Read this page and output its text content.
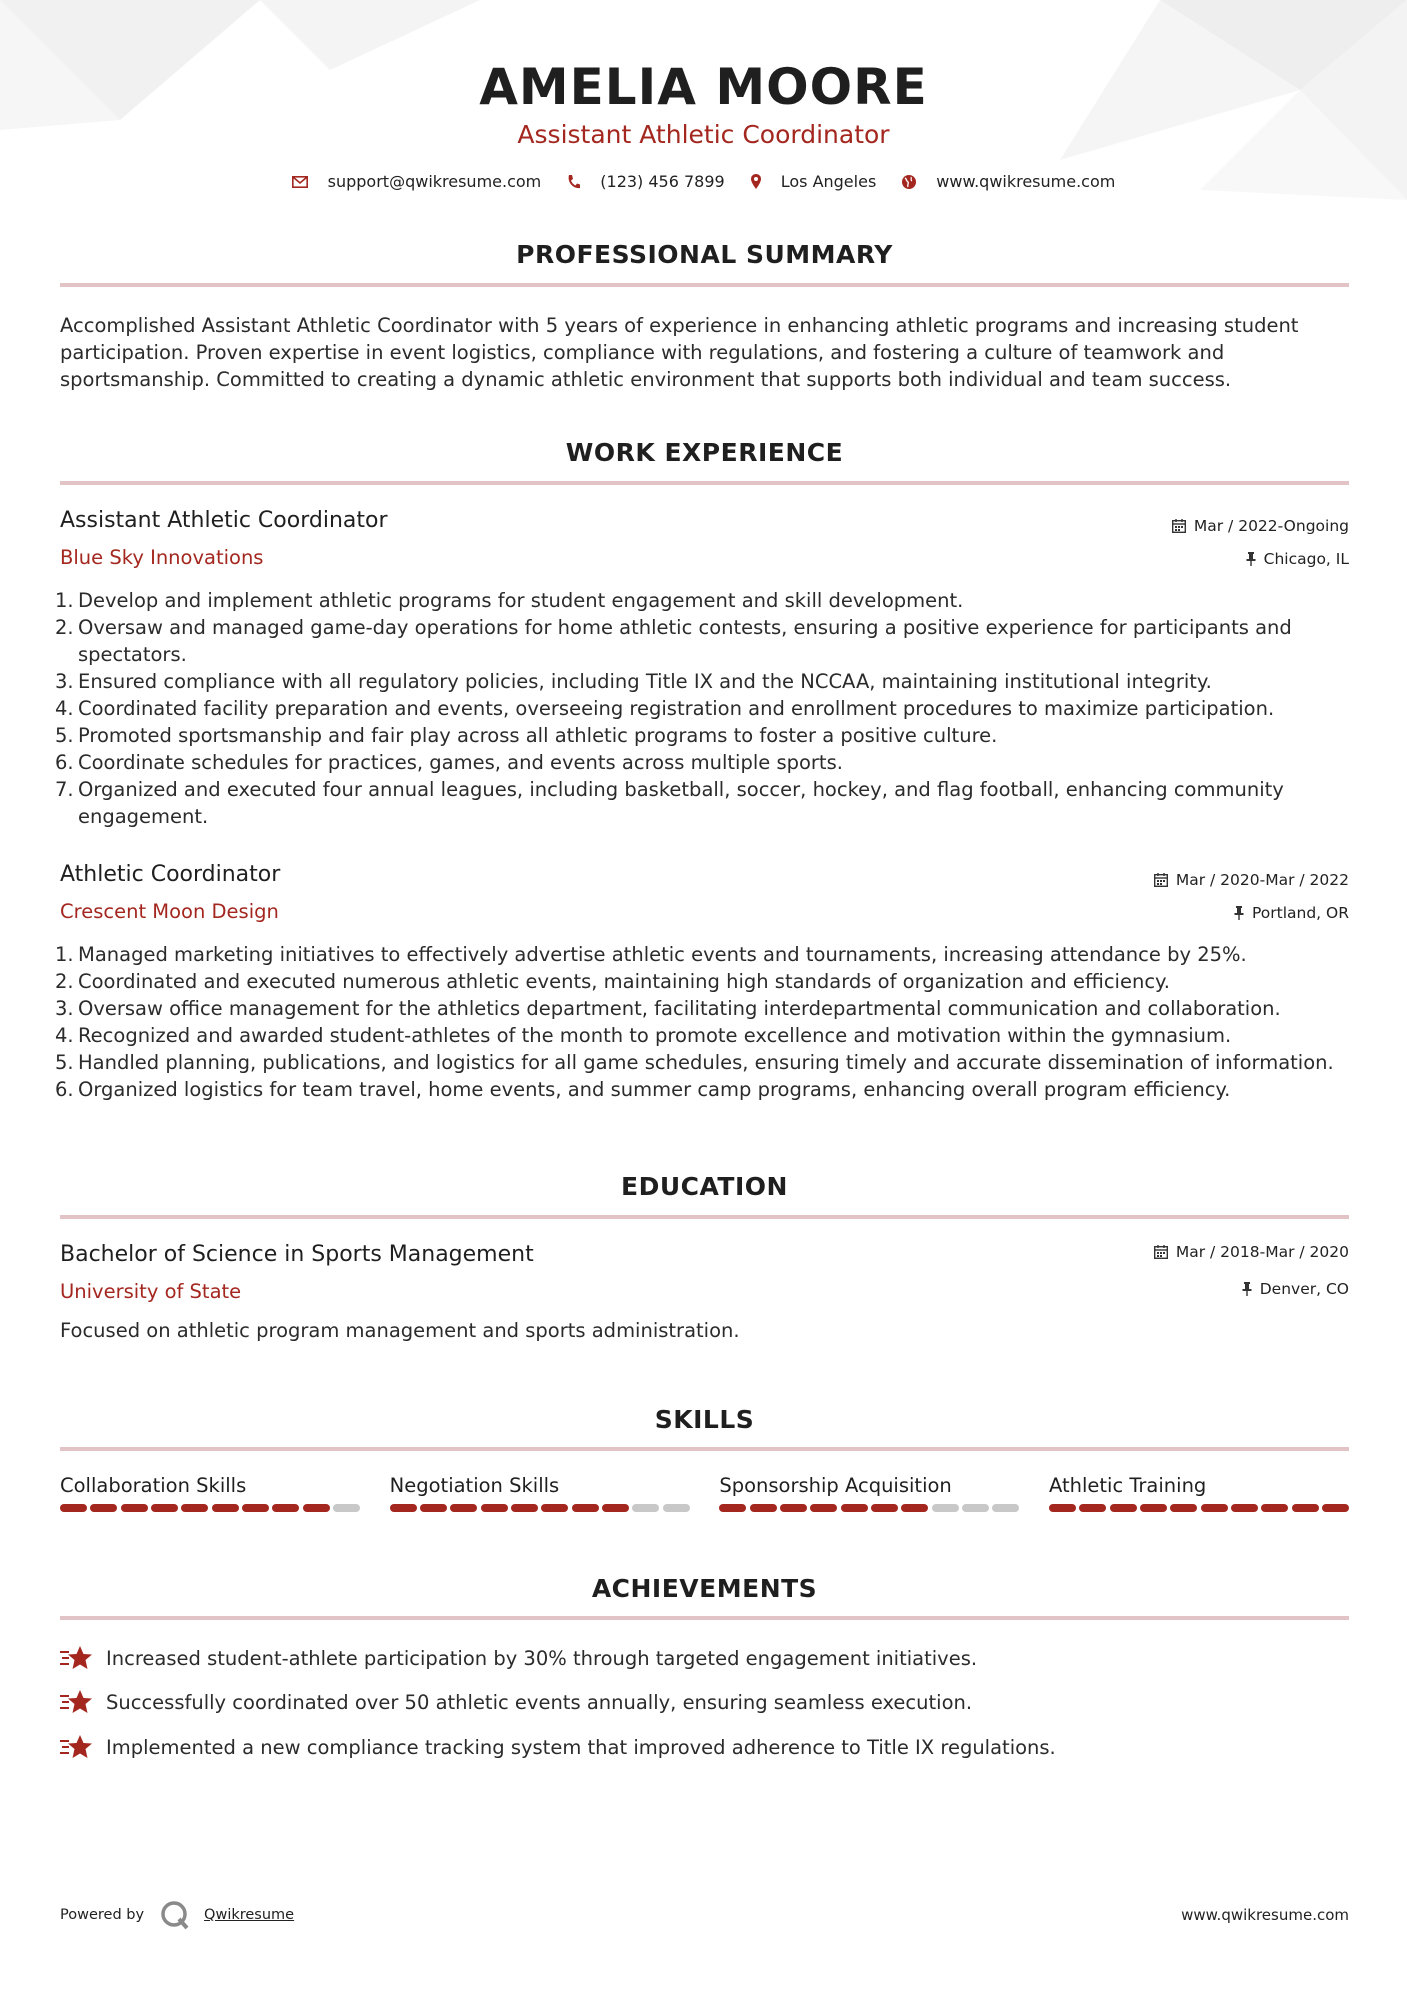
AMELIA MOORE
Assistant Athletic Coordinator
support@qwikresume.com	(123) 456 7899	Los Angeles	www.qwikresume.com
PROFESSIONAL SUMMARY
Accomplished Assistant Athletic Coordinator with 5 years of experience in enhancing athletic programs and increasing student participation. Proven expertise in event logistics, compliance with regulations, and fostering a culture of teamwork and sportsmanship. Committed to creating a dynamic athletic environment that supports both individual and team success.
WORK EXPERIENCE
Assistant Athletic Coordinator	Mar / 2022-Ongoing
Blue Sky Innovations	Chicago, IL
1. Develop and implement athletic programs for student engagement and skill development.
2. Oversaw and managed game-day operations for home athletic contests, ensuring a positive experience for participants and spectators.
3. Ensured compliance with all regulatory policies, including Title IX and the NCCAA, maintaining institutional integrity.
4. Coordinated facility preparation and events, overseeing registration and enrollment procedures to maximize participation.
5. Promoted sportsmanship and fair play across all athletic programs to foster a positive culture.
6. Coordinate schedules for practices, games, and events across multiple sports.
7. Organized and executed four annual leagues, including basketball, soccer, hockey, and flag football, enhancing community engagement.
Athletic Coordinator	Mar / 2020-Mar / 2022
Crescent Moon Design	Portland, OR
1. Managed marketing initiatives to effectively advertise athletic events and tournaments, increasing attendance by 25%.
2. Coordinated and executed numerous athletic events, maintaining high standards of organization and efficiency.
3. Oversaw office management for the athletics department, facilitating interdepartmental communication and collaboration.
4. Recognized and awarded student-athletes of the month to promote excellence and motivation within the gymnasium.
5. Handled planning, publications, and logistics for all game schedules, ensuring timely and accurate dissemination of information.
6. Organized logistics for team travel, home events, and summer camp programs, enhancing overall program efficiency.
EDUCATION
Bachelor of Science in Sports Management	Mar / 2018-Mar / 2020
University of State	Denver, CO
Focused on athletic program management and sports administration.
SKILLS
Collaboration Skills	Negotiation Skills	Sponsorship Acquisition	Athletic Training
ACHIEVEMENTS
Increased student-athlete participation by 30% through targeted engagement initiatives.
Successfully coordinated over 50 athletic events annually, ensuring seamless execution.
Implemented a new compliance tracking system that improved adherence to Title IX regulations.
Powered by	Qwikresume	www.qwikresume.com
